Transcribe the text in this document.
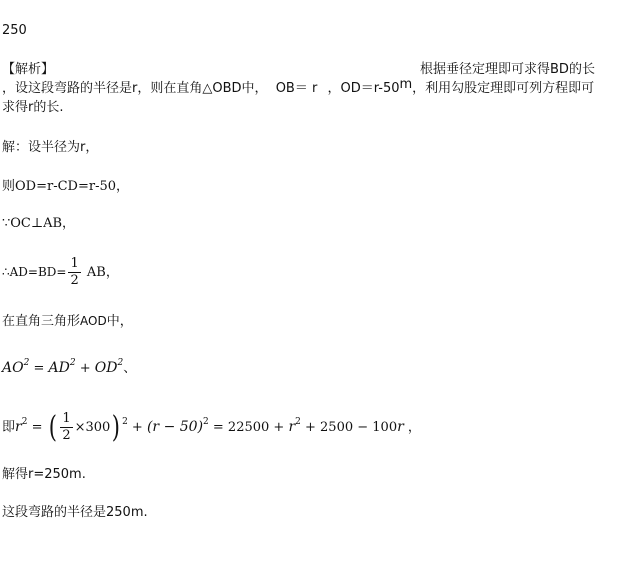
250
【解析】	根据垂径定理即可求得BD的长
，设这段弯路的半径是r，则在直角△OBD中， OB＝ r ，OD＝r-50m，利用勾股定理即可列方程即可
求得r的长.
解：设半径为r，
则OD=r-CD=r-50，
∵OC⊥AB，
∴AD=BD= $\frac{1}{2}$ AB，
在直角三角形AOD中，
$AO^2 = AD^2 + OD^2$、
即$r^2$ = ( $\frac{1}{2} \times 300$) $^2 + (r - 50)^2 = 22500 + r^2 + 2500 - 100r$ ，
解得r=250m.
这段弯路的半径是250m.
